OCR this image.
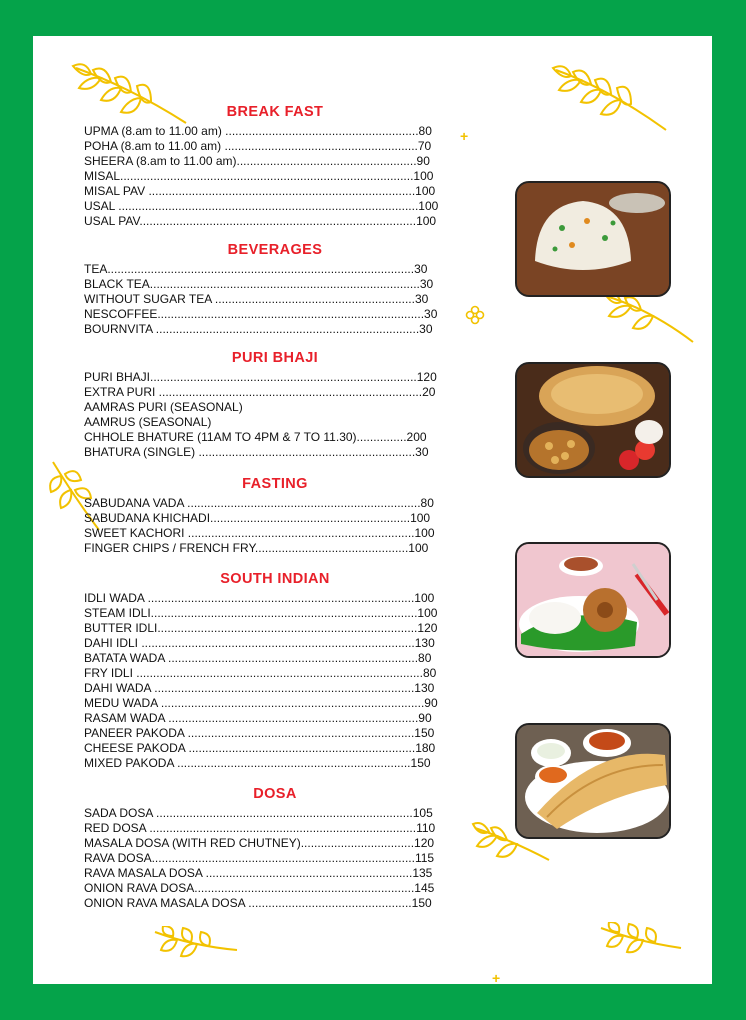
+
BREAK FAST
UPMA (8.am to 11.00 am) ..........................................................80
POHA (8.am to 11.00 am) ..........................................................70
SHEERA (8.am to 11.00 am)......................................................90
MISAL........................................................................................100
MISAL PAV ................................................................................100
USAL ..........................................................................................100
USAL PAV...................................................................................100
BEVERAGES
TEA............................................................................................30
BLACK TEA.................................................................................30
WITHOUT SUGAR TEA ............................................................30
NESCOFFEE................................................................................30
BOURNVITA ...............................................................................30
PURI BHAJI
PURI BHAJI................................................................................120
EXTRA PURI ...............................................................................20
AAMRAS PURI (SEASONAL)
AAMRUS (SEASONAL)
CHHOLE BHATURE (11AM TO 4PM & 7 TO 11.30)...............200
BHATURA (SINGLE) .................................................................30
FASTING
SABUDANA VADA ......................................................................80
SABUDANA KHICHADI............................................................100
SWEET KACHORI ....................................................................100
FINGER CHIPS / FRENCH FRY..............................................100
SOUTH INDIAN
IDLI WADA ................................................................................100
STEAM IDLI................................................................................100
BUTTER IDLI..............................................................................120
DAHI IDLI ..................................................................................130
BATATA WADA ...........................................................................80
FRY IDLI ......................................................................................80
DAHI WADA ..............................................................................130
MEDU WADA ...............................................................................90
RASAM WADA ...........................................................................90
PANEER PAKODA ....................................................................150
CHEESE PAKODA ....................................................................180
MIXED PAKODA ......................................................................150
DOSA
SADA DOSA .............................................................................105
RED DOSA ................................................................................110
MASALA DOSA (WITH RED CHUTNEY)..................................120
RAVA DOSA...............................................................................115
RAVA MASALA DOSA ..............................................................135
ONION RAVA DOSA..................................................................145
ONION RAVA MASALA DOSA .................................................150
+
